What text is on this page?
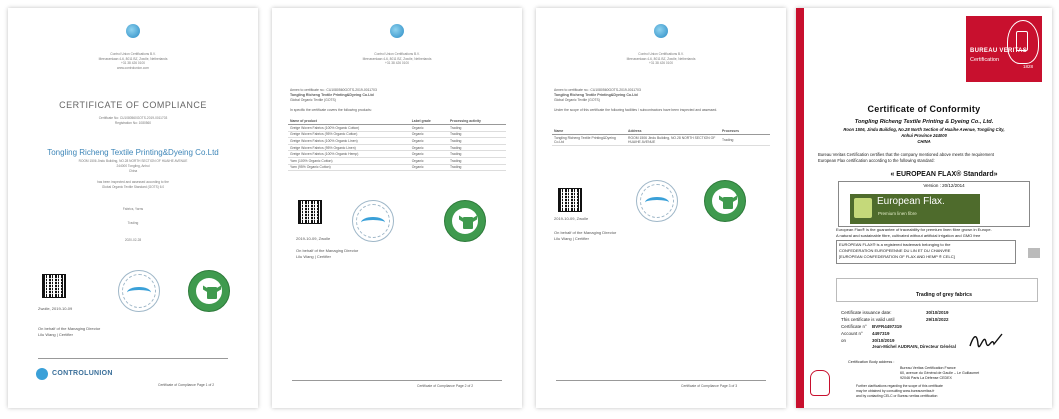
Control Union Certifications B.V.
Meeuwenlaan 4-6, 8011 BZ, Zwolle, Netherlands
+31 38 426 0100
www.controlunion.com
CERTIFICATE OF COMPLIANCE
Certificate No: CU1080560GOTS-2019-0011703
Registration No: 1080560
Tongling Richeng Textile Printing&Dyeing Co.Ltd
ROOM 1506 Jindu Building, NO.28 NORTH SECTION OF HUAIHE AVENUE
244000 Tongling, Anhui
China
has been inspected and assessed according to the
Global Organic Textile Standard (GOTS) 6.0
Fabrics, Yarns
Trading
2020-02-28
Zwolle, 2019-10-09
On behalf of the Managing Director
Lilu Wang | Certifier
CONTROLUNION
Certificate of Compliance Page 1 of 2
Control Union Certifications B.V.
Meeuwenlaan 4-6, 8011 BZ, Zwolle, Netherlands
+31 38 426 0100
Annex to certificate no.: CU1080560GOTS-2019-0011703
Tongling Richeng Textile Printing&Dyeing Co.Ltd
Global Organic Textile (GOTS)
In specific the certificate covers the following products:
Name of product	Label grade	Processing activity
Greige Woven Fabrics (100% Organic Cotton)	Organic	Trading
Greige Woven Fabrics (95% Organic Cotton)	Organic	Trading
Greige Woven Fabrics (100% Organic Linen)	Organic	Trading
Greige Woven Fabrics (95% Organic Linen)	Organic	Trading
Greige Woven Fabrics (100% Organic Hemp)	Organic	Trading
Yarn (100% Organic Cotton)	Organic	Trading
Yarn (95% Organic Cotton)	Organic	Trading
2019-10-09, Zwolle
On behalf of the Managing Director
Lilu Wang | Certifier
Certificate of Compliance Page 2 of 2
Control Union Certifications B.V.
Meeuwenlaan 4-6, 8011 BZ, Zwolle, Netherlands
+31 38 426 0100
Annex to certificate no.: CU1080560GOTS-2019-0011703
Tongling Richeng Textile Printing&Dyeing Co.Ltd
Global Organic Textile (GOTS)
Under the scope of this certificate the following facilities / subcontractors have been inspected and assessed.
Name	Address	Processes
Tongling Richeng Textile Printing&Dyeing Co.Ltd	ROOM 1506 Jindu Building, NO.28 NORTH SECTION OF HUAIHE AVENUE	Trading
2019-10-09, Zwolle
On behalf of the Managing Director
Lilu Wang | Certifier
Certificate of Compliance Page 3 of 3
BUREAU VERITAS
Certification
1828
Certificate of Conformity
Tongling Richeng Textile Printing & Dyeing Co., Ltd.
Roon 1506, Jindu Building, No.28 North Section of Huaihe Avenue, Tongling City,
Anhui Province 244000
CHINA
Bureau Veritas Certification certifies that the company mentioned above meets the requirement
European Flax certification according to the following standard:
« EUROPEAN FLAX® Standard»
Version : 20/12/2014
European Flax.
Premium linen fibre
European Flax® is the guarantee of traceability for premium linen fibre grown in Europe.
A natural and sustainable fibre, cultivated without artificial irrigation and GMO free
EUROPEAN FLAX® is a registered trademark belonging to the
CONFEDERATION EUROPEENNE DU LIN ET DU CHANVRE
[EUROPEAN CONFEDERATION OF FLAX AND HEMP ® CELC]
Trading of grey fabrics
Certificate issuance date:	30/10/2019
This certificate is valid until	29/10/2022
Certificate n° BVFR4497319
Account n° 4497319
on	30/10/2019
Jean-Michel AUDRAIN, Directeur Général
Certification Body address :
Bureau Veritas Certification France
60, avenue du Général de Gaulle – Le Guillaumet
92046 Paris La Défense CEDEX
Further clarifications regarding the scope of this certificate
may be obtained by consulting www.bureauveritas.fr
and by contacting CELC or Bureau veritas certification
